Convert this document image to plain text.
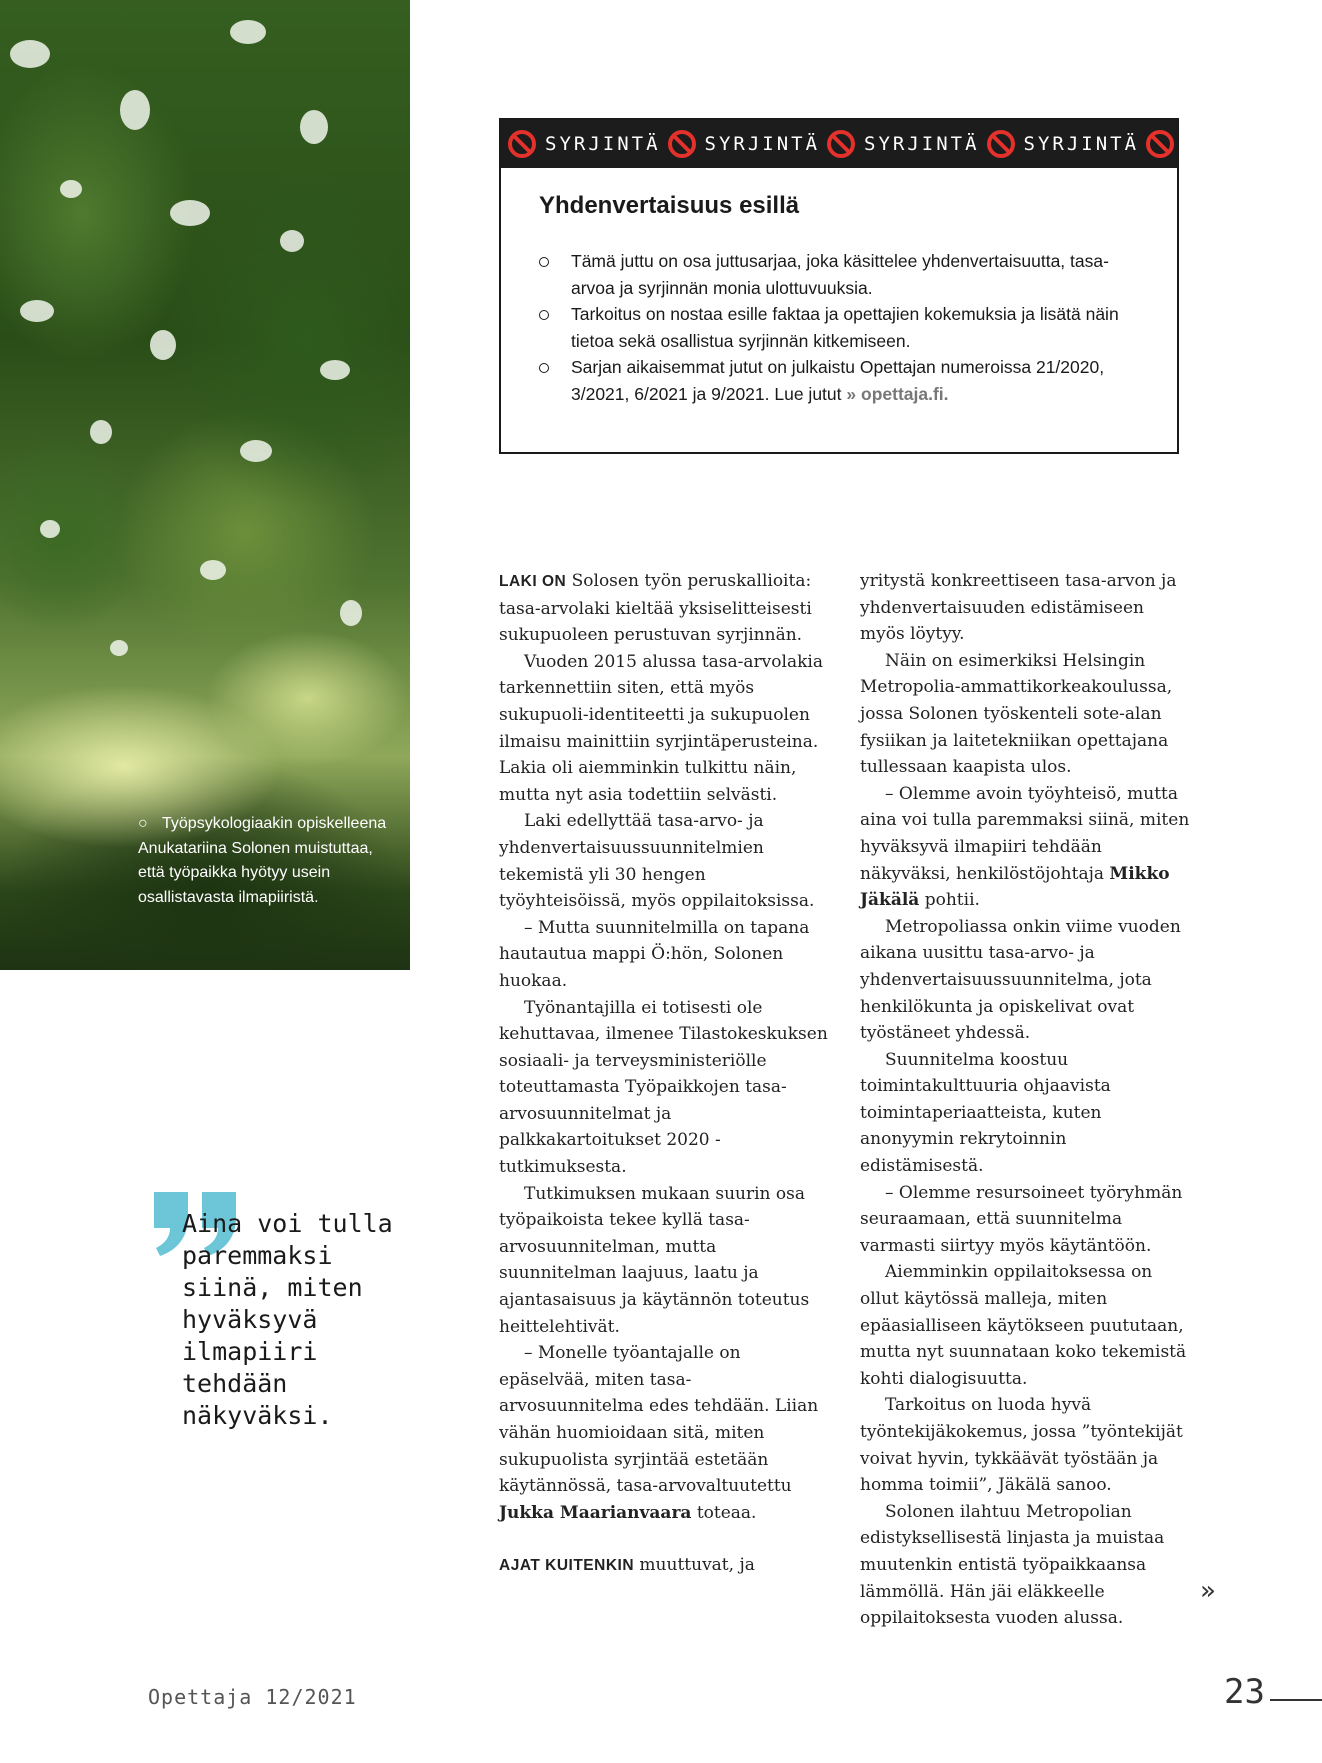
○ Työpsykologiaakin opiskelleena Anukatariina Solonen muistuttaa, että työpaikka hyötyy usein osallistavasta ilmapiiristä.
SYRJINTÄ	SYRJINTÄ	SYRJINTÄ	SYRJINTÄ
Yhdenvertaisuus esillä
Tämä juttu on osa juttusarjaa, joka käsittelee yhdenvertaisuutta, tasa-arvoa ja syrjinnän monia ulottuvuuksia.
Tarkoitus on nostaa esille faktaa ja opettajien kokemuksia ja lisätä näin tietoa sekä osallistua syrjinnän kitkemiseen.
Sarjan aikaisemmat jutut on julkaistu Opettajan numeroissa 21/2020, 3/2021, 6/2021 ja 9/2021. Lue jutut » opettaja.fi.

LAKI ON Solosen työn peruskallioita: tasa-arvolaki kieltää yksiselitteisesti sukupuoleen perustuvan syrjinnän.

Vuoden 2015 alussa tasa-arvolakia tarkennettiin siten, että myös sukupuoli-identiteetti ja sukupuolen ilmaisu mainittiin syrjintäperusteina. Lakia oli aiemminkin tulkittu näin, mutta nyt asia todettiin selvästi.

Laki edellyttää tasa-arvo- ja yhdenvertaisuussuunnitelmien tekemistä yli 30 hengen työyhteisöissä, myös oppilaitoksissa.

– Mutta suunnitelmilla on tapana hautautua mappi Ö:hön, Solonen huokaa.

Työnantajilla ei totisesti ole kehuttavaa, ilmenee Tilastokeskuksen sosiaali- ja terveysministeriölle toteuttamasta Työpaikkojen tasa-arvosuunnitelmat ja palkkakartoitukset 2020 -tutkimuksesta.

Tutkimuksen mukaan suurin osa työpaikoista tekee kyllä tasa-arvosuunnitelman, mutta suunnitelman laajuus, laatu ja ajantasaisuus ja käytännön toteutus heittelehtivät.

– Monelle työantajalle on epäselvää, miten tasa-arvosuunnitelma edes tehdään. Liian vähän huomioidaan sitä, miten sukupuolista syrjintää estetään käytännössä, tasa-arvovaltuutettu Jukka Maarianvaara toteaa.

AJAT KUITENKIN muuttuvat, ja

yritystä konkreettiseen tasa-arvon ja yhdenvertaisuuden edistämiseen myös löytyy.

Näin on esimerkiksi Helsingin Metropolia-ammattikorkeakoulussa, jossa Solonen työskenteli sote-alan fysiikan ja laitetekniikan opettajana tullessaan kaapista ulos.

– Olemme avoin työyhteisö, mutta aina voi tulla paremmaksi siinä, miten hyväksyvä ilmapiiri tehdään näkyväksi, henkilöstöjohtaja Mikko Jäkälä pohtii.

Metropoliassa onkin viime vuoden aikana uusittu tasa-arvo- ja yhdenvertaisuussuunnitelma, jota henkilökunta ja opiskelivat ovat työstäneet yhdessä.

Suunnitelma koostuu toimintakulttuuria ohjaavista toimintaperiaatteista, kuten anonyymin rekrytoinnin edistämisestä.

– Olemme resursoineet työryhmän seuraamaan, että suunnitelma varmasti siirtyy myös käytäntöön.

Aiemminkin oppilaitoksessa on ollut käytössä malleja, miten epäasialliseen käytökseen puututaan, mutta nyt suunnataan koko tekemistä kohti dialogisuutta.

Tarkoitus on luoda hyvä työntekijäkokemus, jossa ”työntekijät voivat hyvin, tykkäävät työstään ja homma toimii”, Jäkälä sanoo.

Solonen ilahtuu Metropolian edistyksellisestä linjasta ja muistaa muutenkin entistä työpaikkaansa lämmöllä. Hän jäi eläkkeelle oppilaitoksesta vuoden alussa.

Aina voi tulla paremmaksi siinä, miten hyväksyvä ilmapiiri tehdään näkyväksi.
»
Opettaja 12/2021	23
